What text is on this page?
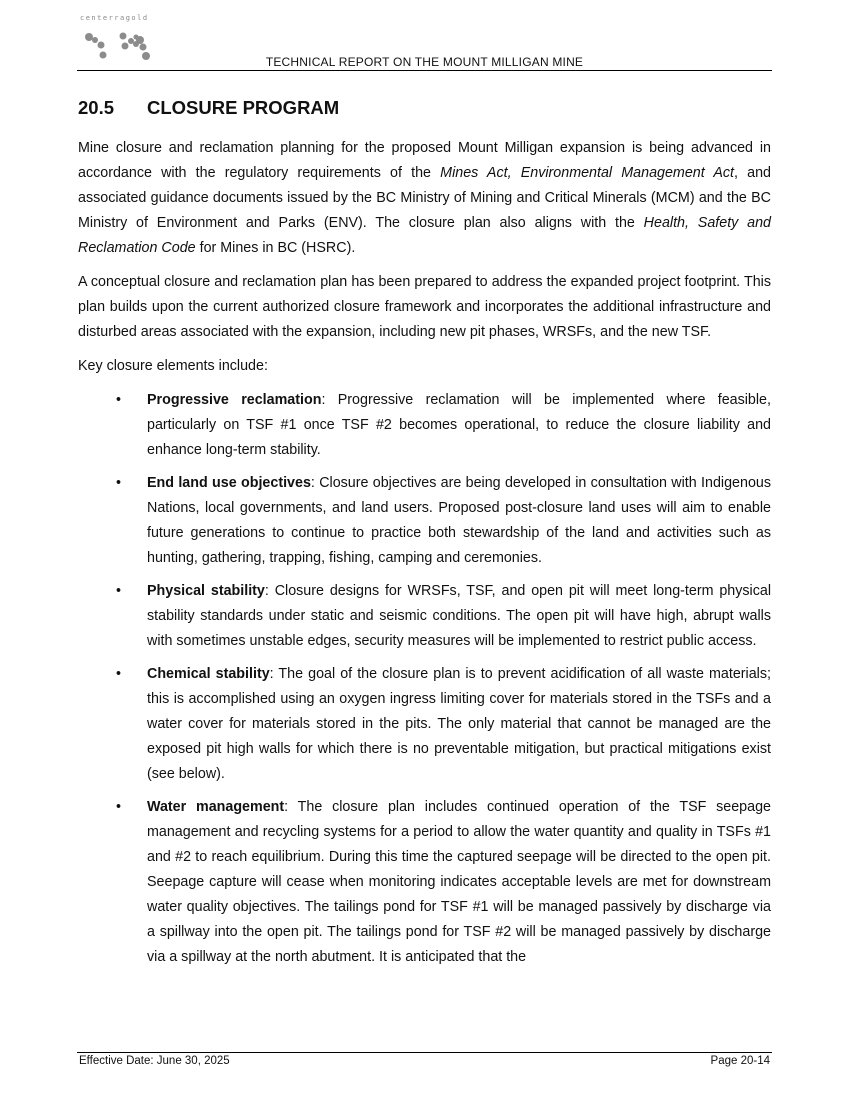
centerragold
TECHNICAL REPORT ON THE MOUNT MILLIGAN MINE
20.5 CLOSURE PROGRAM

Mine closure and reclamation planning for the proposed Mount Milligan expansion is being advanced in accordance with the regulatory requirements of the Mines Act, Environmental Management Act, and associated guidance documents issued by the BC Ministry of Mining and Critical Minerals (MCM) and the BC Ministry of Environment and Parks (ENV). The closure plan also aligns with the Health, Safety and Reclamation Code for Mines in BC (HSRC).

A conceptual closure and reclamation plan has been prepared to address the expanded project footprint. This plan builds upon the current authorized closure framework and incorporates the additional infrastructure and disturbed areas associated with the expansion, including new pit phases, WRSFs, and the new TSF.

Key closure elements include:

• Progressive reclamation: Progressive reclamation will be implemented where feasible, particularly on TSF #1 once TSF #2 becomes operational, to reduce the closure liability and enhance long-term stability.
• End land use objectives: Closure objectives are being developed in consultation with Indigenous Nations, local governments, and land users. Proposed post-closure land uses will aim to enable future generations to continue to practice both stewardship of the land and activities such as hunting, gathering, trapping, fishing, camping and ceremonies.
• Physical stability: Closure designs for WRSFs, TSF, and open pit will meet long-term physical stability standards under static and seismic conditions. The open pit will have high, abrupt walls with sometimes unstable edges, security measures will be implemented to restrict public access.
• Chemical stability: The goal of the closure plan is to prevent acidification of all waste materials; this is accomplished using an oxygen ingress limiting cover for materials stored in the TSFs and a water cover for materials stored in the pits. The only material that cannot be managed are the exposed pit high walls for which there is no preventable mitigation, but practical mitigations exist (see below).
• Water management: The closure plan includes continued operation of the TSF seepage management and recycling systems for a period to allow the water quantity and quality in TSFs #1 and #2 to reach equilibrium. During this time the captured seepage will be directed to the open pit. Seepage capture will cease when monitoring indicates acceptable levels are met for downstream water quality objectives. The tailings pond for TSF #1 will be managed passively by discharge via a spillway into the open pit. The tailings pond for TSF #2 will be managed passively by discharge via a spillway at the north abutment. It is anticipated that the
Effective Date: June 30, 2025	Page 20-14
